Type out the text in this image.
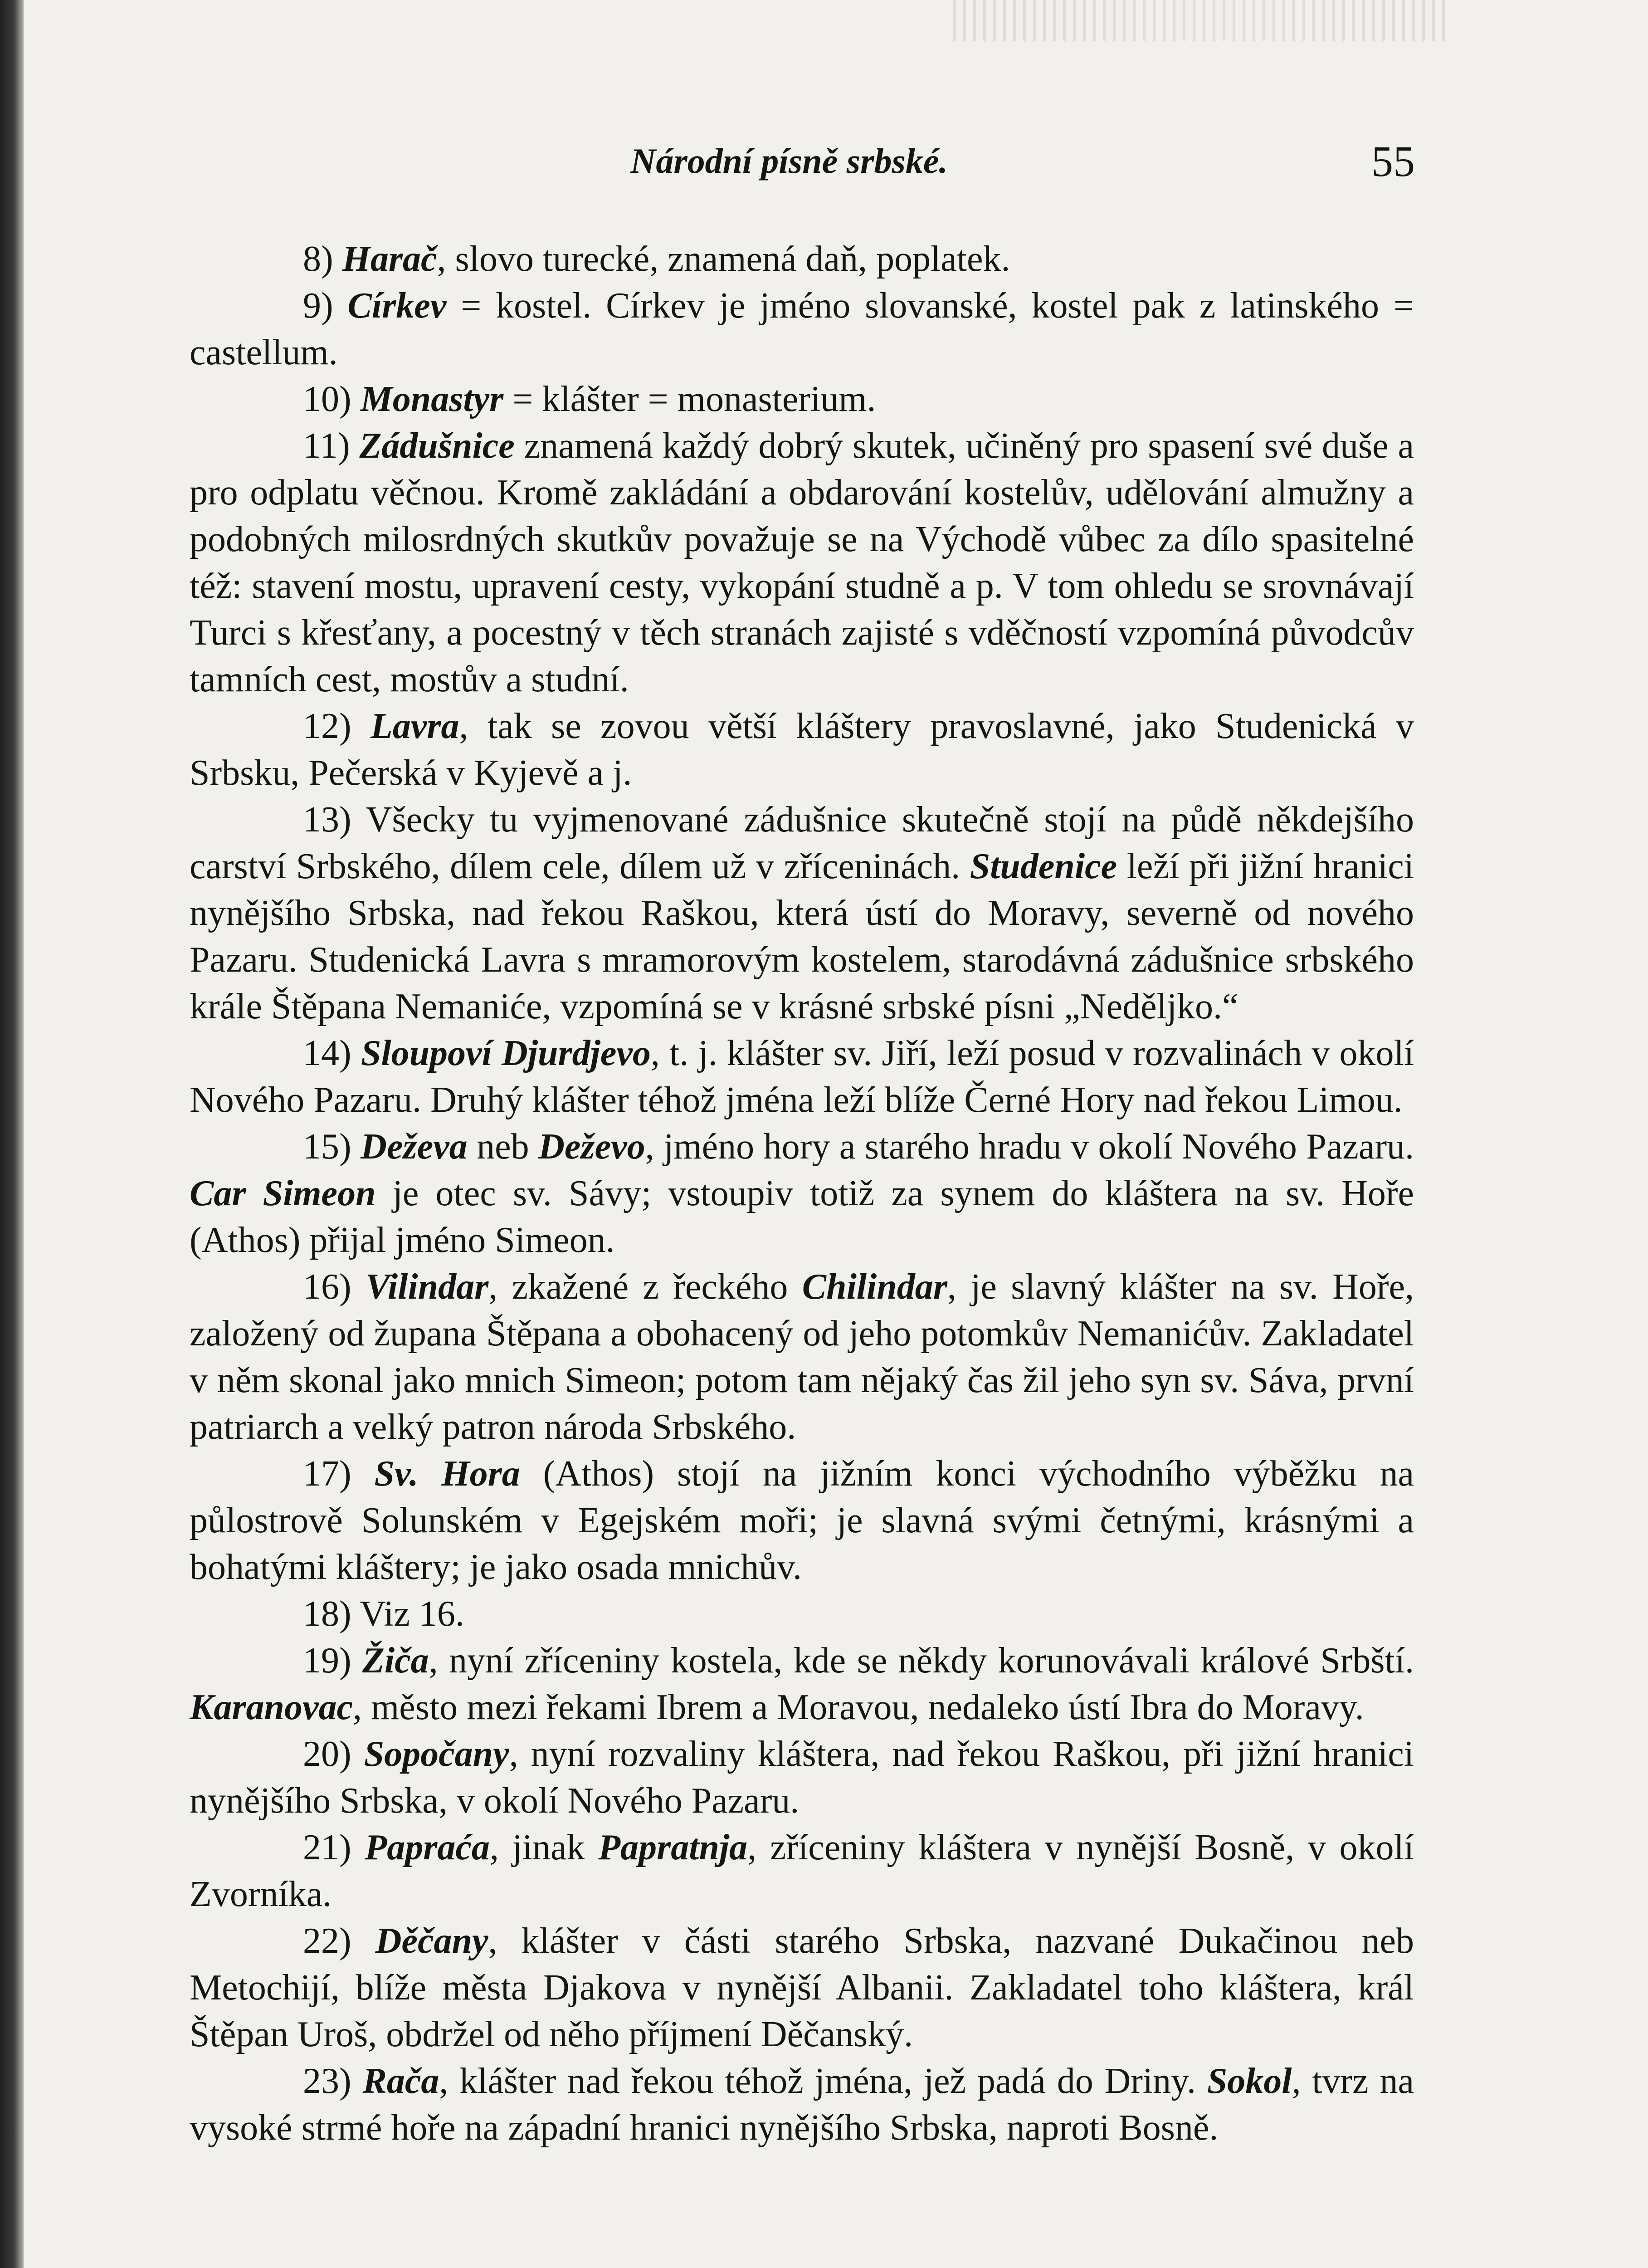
Národní písně srbské.	55

8) Harač, slovo turecké, znamená daň, poplatek.

9) Církev = kostel. Církev je jméno slovanské, kostel pak z latinského = castellum.

10) Monastyr = klášter = monasterium.

11) Zádušnice znamená každý dobrý skutek, učiněný pro spasení své duše a pro odplatu věčnou. Kromě zakládání a obdarování kostelův, udělování almužny a podobných milosrdných skutkův považuje se na Východě vůbec za dílo spasitelné též: stavení mostu, upravení cesty, vykopání studně a p. V tom ohledu se srovnávají Turci s křesťany, a pocestný v těch stranách zajisté s vděčností vzpomíná původcův tamních cest, mostův a studní.

12) Lavra, tak se zovou větší kláštery pravoslavné, jako Studenická v Srbsku, Pečerská v Kyjevě a j.

13) Všecky tu vyjmenované zádušnice skutečně stojí na půdě někdejšího carství Srbského, dílem cele, dílem už v zříceninách. Studenice leží při jižní hranici nynějšího Srbska, nad řekou Raškou, která ústí do Moravy, severně od nového Pazaru. Studenická Lavra s mramorovým kostelem, starodávná zádušnice srbského krále Štěpana Nemaniće, vzpomíná se v krásné srbské písni „Nedělјko.“

14) Sloupoví Djurdjevo, t. j. klášter sv. Jiří, leží posud v rozvalinách v okolí Nového Pazaru. Druhý klášter téhož jména leží blíže Černé Hory nad řekou Limou.

15) Deževa neb Deževo, jméno hory a starého hradu v okolí Nového Pazaru. Car Simeon je otec sv. Sávy; vstoupiv totiž za synem do kláštera na sv. Hoře (Athos) přijal jméno Simeon.

16) Vilindar, zkažené z řeckého Chilindar, je slavný klášter na sv. Hoře, založený od župana Štěpana a obohacený od jeho potomkův Nemanićův. Zakladatel v něm skonal jako mnich Simeon; potom tam nějaký čas žil jeho syn sv. Sáva, první patriarch a velký patron národa Srbského.

17) Sv. Hora (Athos) stojí na jižním konci východního výběžku na půlostrově Solunském v Egejském moři; je slavná svými četnými, krásnými a bohatými kláštery; je jako osada mnichův.

18) Viz 16.

19) Žiča, nyní zříceniny kostela, kde se někdy korunovávali králové Srbští. Karanovac, město mezi řekami Ibrem a Moravou, nedaleko ústí Ibra do Moravy.

20) Sopočany, nyní rozvaliny kláštera, nad řekou Raškou, při jižní hranici nynějšího Srbska, v okolí Nového Pazaru.

21) Papraća, jinak Papratnja, zříceniny kláštera v nynější Bosně, v okolí Zvorníka.

22) Děčany, klášter v části starého Srbska, nazvané Dukačinou neb Metochijí, blíže města Djakova v nynější Albanii. Zakladatel toho kláštera, král Štěpan Uroš, obdržel od něho příjmení Děčanský.

23) Rača, klášter nad řekou téhož jména, jež padá do Driny. Sokol, tvrz na vysoké strmé hoře na západní hranici nynějšího Srbska, naproti Bosně.
